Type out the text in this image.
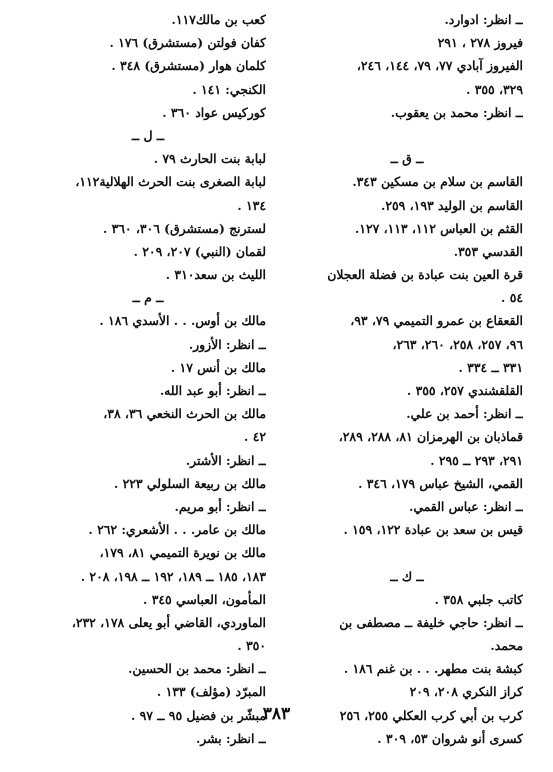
ــ انظر: ادوارد.
فيروز ٢٧٨ ، ٢٩١
الفيروز آبادي ٧٧، ٧٩، ١٤٤، ٢٤٦،
٣٢٩، ٣٥٥ .
ــ انظر: محمد بن يعقوب.
ــ ق ــ
القاسم بن سلام بن مسكين ٣٤٣.
القاسم بن الوليد ١٩٣، ٢٥٩.
القثم بن العباس ١١٢، ١١٣، ١٢٧.
القدسي ٣٥٣.
قرة العين بنت عبادة بن فضلة العجلان
٥٤ .
القعقاع بن عمرو التميمي ٧٩، ٩٣،
٩٦، ٢٥٧، ٢٥٨، ٢٦٠، ٢٦٣،
٣٣١ ــ ٣٣٤ .
القلقشندي ٢٥٧، ٣٥٥ .
ــ انظر: أحمد بن علي.
قماذبان بن الهرمزان ٨١، ٢٨٨، ٢٨٩،
٢٩١، ٢٩٣ ــ ٢٩٥ .
القمي، الشيخ عباس ١٧٩، ٣٤٦ .
ــ انظر: عباس القمي.
قيس بن سعد بن عبادة ١٢٢، ١٥٩ .
ــ ك ــ
كاتب جلبي ٣٥٨ .
ــ انظر: حاجي خليفة ــ مصطفى بن
محمد.
كبشة بنت مطهر. . . بن غنم ١٨٦ .
كراز النكري ٢٠٨، ٢٠٩
كرب بن أبي كرب العكلي ٢٥٥، ٢٥٦
كسرى أنو شروان ٥٣، ٣٠٩ .
كعب بن مالك١١٧.
كفان فولتن (مستشرق) ١٧٦ .
كلمان هوار (مستشرق) ٣٤٨ .
الكنجي: ١٤١ .
كوركيس عواد ٣٦٠ .
ــ ل ــ
لبابة بنت الحارث ٧٩ .
لبابة الصغرى بنت الحرث الهلالية١١٢،
١٣٤ .
لسترنج (مستشرق) ٣٠٦، ٣٦٠ .
لقمان (النبي) ٢٠٧، ٢٠٩ .
الليث بن سعد٣١٠ .
ــ م ــ
مالك بن أوس. . . الأسدي ١٨٦ .
ــ انظر: الأزور.
مالك بن أنس ١٧ .
ــ انظر: أبو عبد الله.
مالك بن الحرث النخعي ٣٦، ٣٨،
٤٢ .
ــ انظر: الأشتر.
مالك بن ربيعة السلولي ٢٢٣ .
ــ انظر: أبو مريم.
مالك بن عامر. . . الأشعري: ٢٦٢ .
مالك بن نويرة التميمي ٨١، ١٧٩،
١٨٣، ١٨٥ ــ ١٨٩، ١٩٢ ــ ١٩٨، ٢٠٨ .
المأمون، العباسي ٣٤٥ .
الماوردي، القاضي أبو يعلى ١٧٨، ٢٣٢،
٣٥٠ .
ــ انظر: محمد بن الحسين.
المبرّد (مؤلف) ١٣٣ .
مبشّر بن فضيل ٩٥ ــ ٩٧ .
ــ انظر: بشر.
٣٨٣
